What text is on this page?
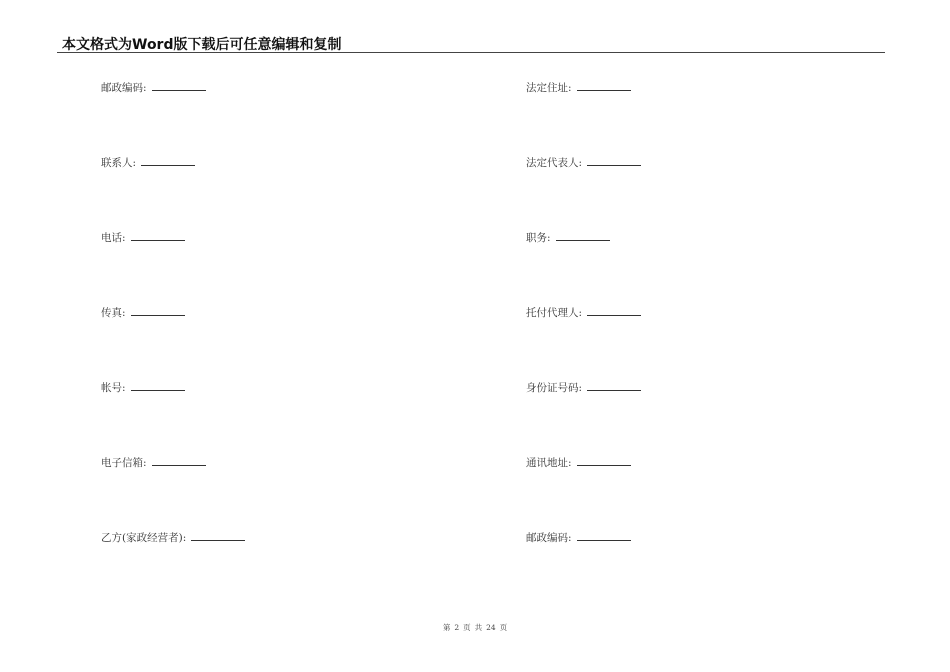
本文格式为Word版下载后可任意编辑和复制
邮政编码:
联系人:
电话:
传真:
帐号:
电子信箱:
乙方(家政经营者):
法定住址:
法定代表人:
职务:
托付代理人:
身份证号码:
通讯地址:
邮政编码:
第 2 页 共 24 页
